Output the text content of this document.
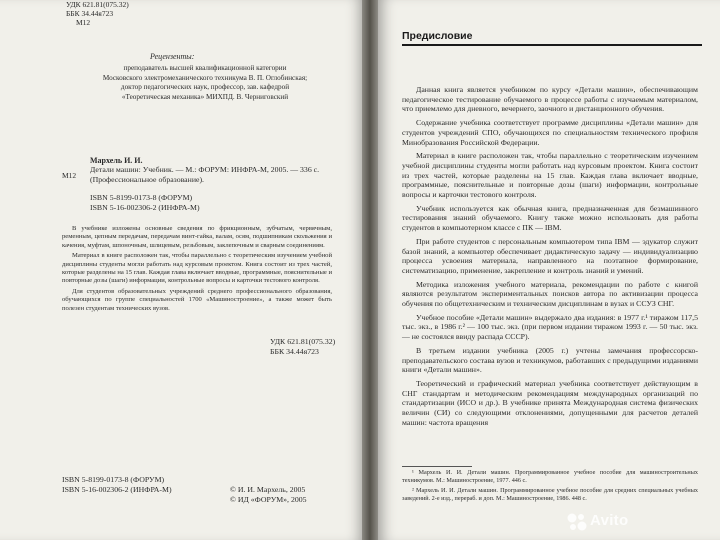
УДК 621.81(075.32)
ББК 34.44я723
М12
Рецензенты:
преподаватель высшей квалификационной категории
Московского электромеханического техникума В. П. Оглобинская;
доктор педагогических наук, профессор, зав. кафедрой
«Теоретическая механика» МИХПД. В. Черниговский
Мархель И. И.
М12
Детали машин: Учебник. — М.: ФОРУМ: ИНФРА-М, 2005. — 336 с.
(Профессиональное образование).
ISBN 5-8199-0173-8 (ФОРУМ)
ISBN 5-16-002306-2 (ИНФРА-М)

В учебнике изложены основные сведения по фрикционным, зубчатым, червячным, ременным, цепным передачам, передачам винт-гайка, валам, осям, подшипникам скольжения и качения, муфтам, шпоночным, шлицевым, резьбовым, заклепочным и сварным соединениям.

Материал в книге расположен так, чтобы параллельно с теоретическим изучением учебной дисциплины студенты могли работать над курсовым проектом. Книга состоит из трех частей, которые разделены на 15 глав. Каждая глава включает вводные, программные, пояснительные и повторные дозы (шаги) информации, контрольные вопросы и карточки тестового контроля.

Для студентов образовательных учреждений среднего профессионального образования, обучающихся по группе специальностей 1700 «Машиностроение», а также может быть полезен студентам технических вузов.

УДК 621.81(075.32)
ББК 34.44я723
ISBN 5-8199-0173-8 (ФОРУМ)
ISBN 5-16-002306-2 (ИНФРА-М)	© И. И. Мархель, 2005
© ИД «ФОРУМ», 2005
Предисловие

Данная книга является учебником по курсу «Детали машин», обеспечивающим педагогическое тестирование обучаемого в процессе работы с изучаемым материалом, что приемлемо для дневного, вечернего, заочного и дистанционного обучения.

Содержание учебника соответствует программе дисциплины «Детали машин» для студентов учреждений СПО, обучающихся по специальностям технического профиля Минобразования Российской Федерации.

Материал в книге расположен так, чтобы параллельно с теоретическим изучением учебной дисциплины студенты могли работать над курсовым проектом. Книга состоит из трех частей, которые разделены на 15 глав. Каждая глава включает вводные, программные, пояснительные и повторные дозы (шаги) информации, контрольные вопросы и карточки тестового контроля.

Учебник используется как обычная книга, предназначенная для безмашинного тестирования знаний обучаемого. Книгу также можно использовать для работы студентов в компьютерном классе с ПК — IBM.

При работе студентов с персональным компьютером типа IBM — эдукатор служит базой знаний, а компьютер обеспечивает дидактическую задачу — индивидуализацию процесса усвоения материала, направленного на поэтапное формирование, систематизацию, применение, закрепление и контроль знаний и умений.

Методика изложения учебного материала, рекомендации по работе с книгой являются результатом экспериментальных поисков автора по активизации процесса обучения по общетехническим и техническим дисциплинам в вузах и ССУЗ СНГ.

Учебное пособие «Детали машин» выдержало два издания: в 1977 г.¹ тиражом 117,5 тыс. экз., в 1986 г.² — 100 тыс. экз. (при первом издании тиражом 1993 г. — 50 тыс. экз. — не состоялся ввиду распада СССР).

В третьем издании учебника (2005 г.) учтены замечания профессорско-преподавательского состава вузов и техникумов, работавших с предыдущими изданиями книги «Детали машин».

Теоретический и графический материал учебника соответствует действующим в СНГ стандартам и методическим рекомендациям международных организаций по стандартизации (ИСО и др.). В учебнике принята Международная система физических величин (СИ) со следующими отклонениями, допущенными для расчетов деталей машин: частота вращения

¹ Мархель И. И. Детали машин. Программированное учебное пособие для машиностроительных техникумов. М.: Машиностроение, 1977. 446 с.

² Мархель И. И. Детали машин. Программированное учебное пособие для средних специальных учебных заведений. 2-е изд., перераб. и доп. М.: Машиностроение, 1986. 448 с.

Avito
